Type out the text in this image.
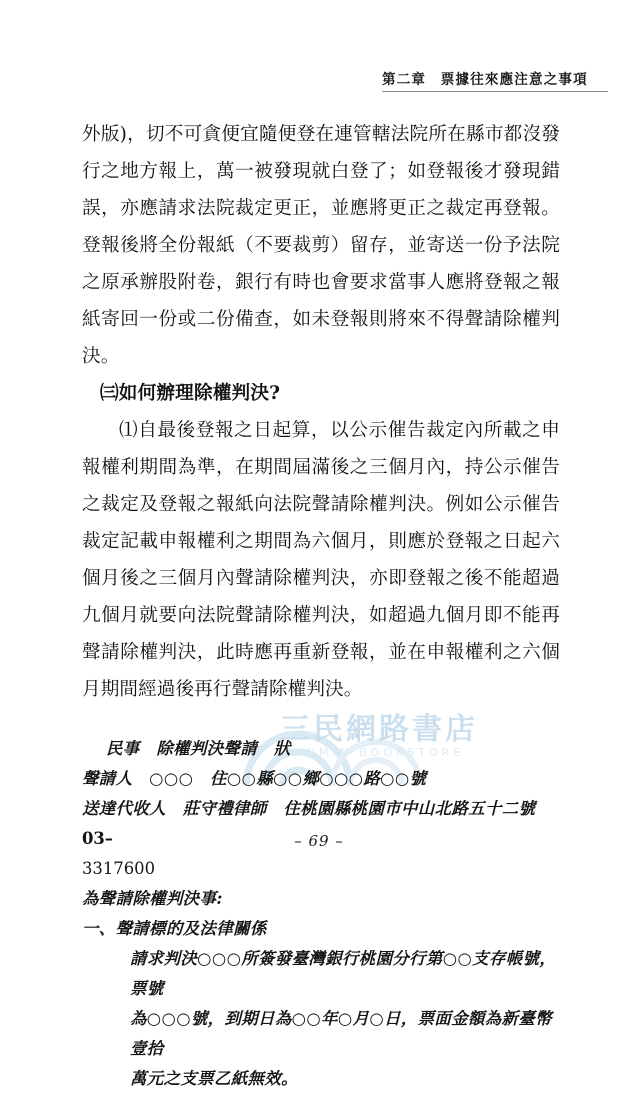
第二章　票據往來應注意之事項

外版)，切不可貪便宜隨便登在連管轄法院所在縣市都沒發行之地方報上，萬一被發現就白登了；如登報後才發現錯誤，亦應請求法院裁定更正，並應將更正之裁定再登報。登報後將全份報紙（不要裁剪）留存，並寄送一份予法院之原承辦股附卷，銀行有時也會要求當事人應將登報之報紙寄回一份或二份備查，如未登報則將來不得聲請除權判決。

㈢如何辦理除權判決?

⑴自最後登報之日起算，以公示催告裁定內所載之申報權利期間為準，在期間屆滿後之三個月內，持公示催告之裁定及登報之報紙向法院聲請除權判決。例如公示催告裁定記載申報權利之期間為六個月，則應於登報之日起六個月後之三個月內聲請除權判決，亦即登報之後不能超過九個月就要向法院聲請除權判決，如超過九個月即不能再聲請除權判決，此時應再重新登報，並在申報權利之六個月期間經過後再行聲請除權判決。

民事　除權判決聲請　狀

聲請人　○○○　住○○縣○○鄉○○○路○○號

送達代收人　莊守禮律師　住桃園縣桃園市中山北路五十二號03–

3317600

為聲請除權判決事:

一、聲請標的及法律關係

請求判決○○○所簽發臺灣銀行桃園分行第○○支存帳號，票號

為○○○號，到期日為○○年○月○日，票面金額為新臺幣壹拾

萬元之支票乙紙無效。

三民網路書店
SANMIN BOOKSTORE
– 69 –
